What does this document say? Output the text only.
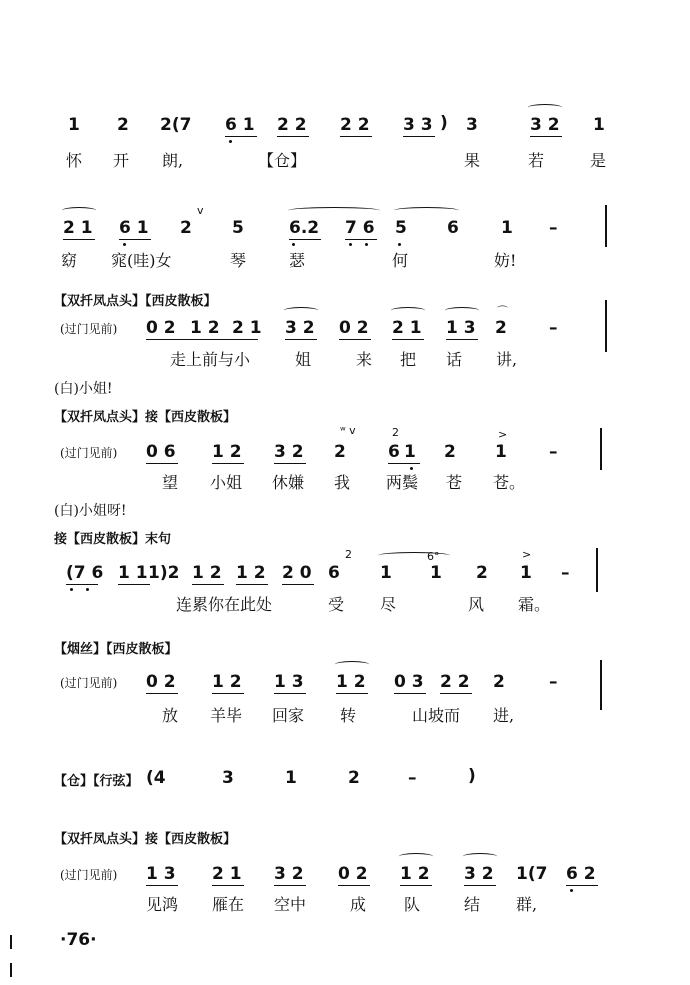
1 2 2(7 6 1 2 2 2 2 3 3 ) 3	3 2 1
怀 开 朗,	【仓】	果	若	是
2 1 6 1 2
v
5	6.2 7 6 5 6 1 –
窈 窕(哇)女	琴	瑟	何	妨!
【双扦凤点头】【西皮散板】
(过门见前) 0 2 1 2 2 1 3 2 0 2 2 1 1 3 2 –
⌒
走上前与小	姐	来 把 话 讲,
(白)小姐!
【双扦凤点头】接【西皮散板】
(过门见前) 0 6 1 2 3 2 2 6 1 2 1 –
ʷ v	2	>
望 小姐 休嫌 我 两鬓 苍 苍。
(白)小姐呀!
接【西皮散板】末句
(7 6 1 1 1)2 1 2 1 2 2 0 6 1 1 2 1 –
2	6°	>
连累你在此处	受 尽	风 霜。
【烟丝】【西皮散板】
(过门见前) 0 2 1 2 1 3 1 2 0 3 2 2 2	–
放 羊毕 回家 转	山坡而 进,
【仓】【行弦】 (4	3	1	2	–	)
【双扦凤点头】接【西皮散板】
(过门见前) 1 3 2 1 3 2 0 2 1 2 3 2 1(7 6 2
见鸿 雁在 空中	成 队	结 群,
·76·
